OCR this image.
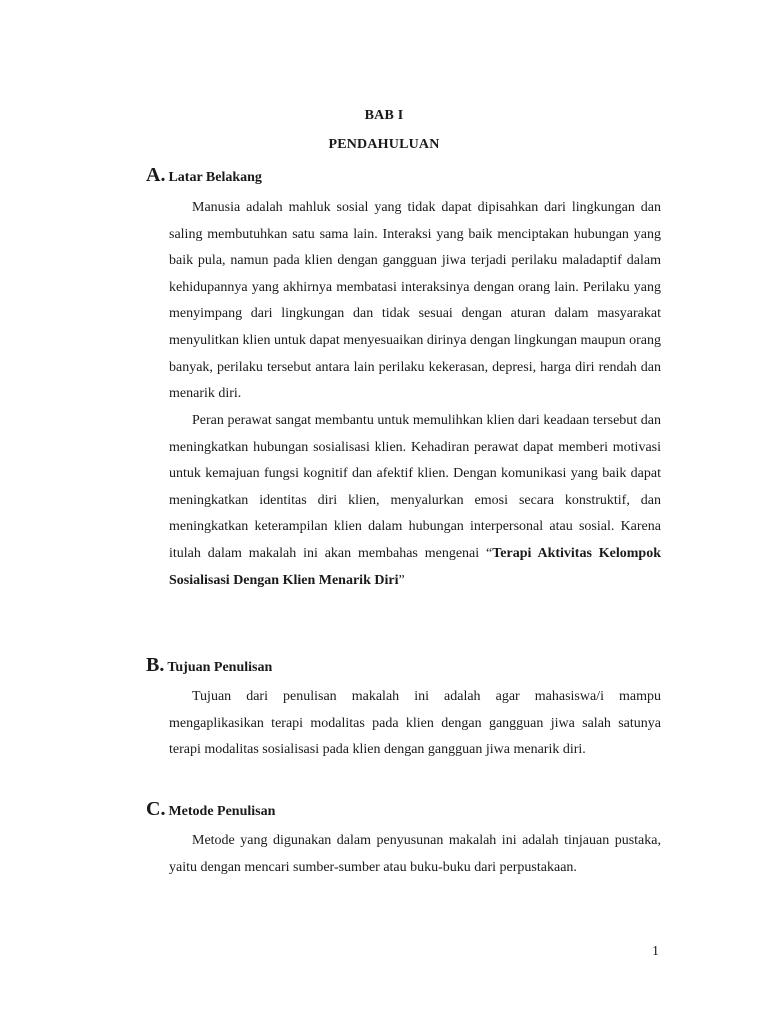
BAB I
PENDAHULUAN
A. Latar Belakang

Manusia adalah mahluk sosial yang tidak dapat dipisahkan dari lingkungan dan saling membutuhkan satu sama lain. Interaksi yang baik menciptakan hubungan yang baik pula, namun pada klien dengan gangguan jiwa terjadi perilaku maladaptif dalam kehidupannya yang akhirnya membatasi interaksinya dengan orang lain. Perilaku yang menyimpang dari lingkungan dan tidak sesuai dengan aturan dalam masyarakat menyulitkan klien untuk dapat menyesuaikan dirinya dengan lingkungan maupun orang banyak, perilaku tersebut antara lain perilaku kekerasan, depresi, harga diri rendah dan menarik diri.

Peran perawat sangat membantu untuk memulihkan klien dari keadaan tersebut dan meningkatkan hubungan sosialisasi klien. Kehadiran perawat dapat memberi motivasi untuk kemajuan fungsi kognitif dan afektif klien. Dengan komunikasi yang baik dapat meningkatkan identitas diri klien, menyalurkan emosi secara konstruktif, dan meningkatkan keterampilan klien dalam hubungan interpersonal atau sosial. Karena itulah dalam makalah ini akan membahas mengenai “Terapi Aktivitas Kelompok Sosialisasi Dengan Klien Menarik Diri”

B. Tujuan Penulisan

Tujuan dari penulisan makalah ini adalah agar mahasiswa/i mampu mengaplikasikan terapi modalitas pada klien dengan gangguan jiwa salah satunya terapi modalitas sosialisasi pada klien dengan gangguan jiwa menarik diri.

C. Metode Penulisan

Metode yang digunakan dalam penyusunan makalah ini adalah tinjauan pustaka, yaitu dengan mencari sumber-sumber atau buku-buku dari perpustakaan.

1
